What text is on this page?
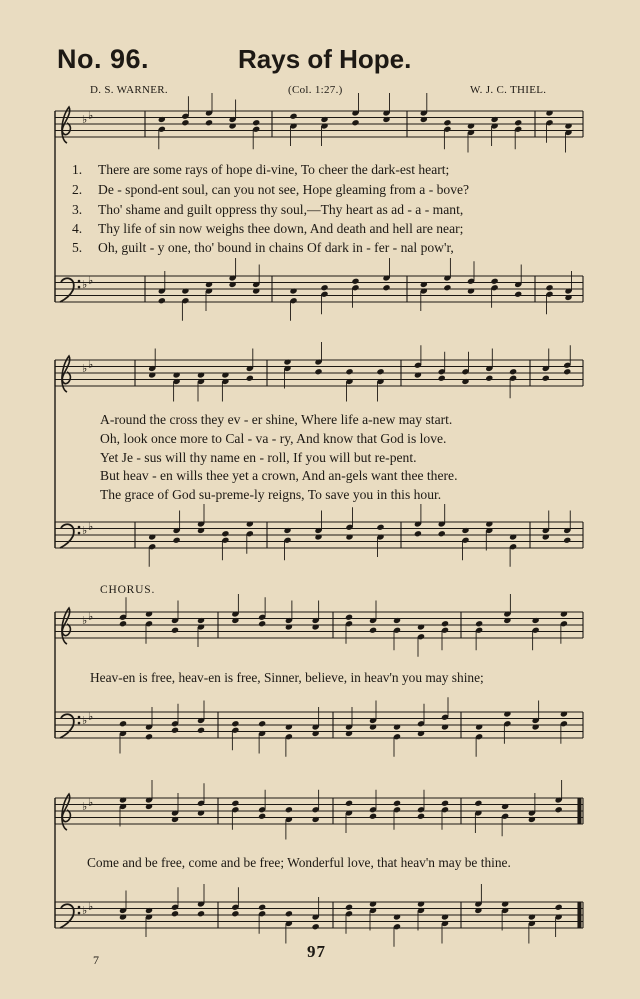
♭ ♭
♭ ♭
♭ ♭
♭ ♭
♭ ♭
♭ ♭
♭ ♭
♭ ♭
No. 96.	Rays of Hope.
D. S. WARNER.	(Col. 1:27.)	W. J. C. THIEL.
1. There are some rays of hope di-vine, To cheer the dark-est heart;
2. De - spond-ent soul, can you not see, Hope gleaming from a - bove?
3. Tho' shame and guilt oppress thy soul,—Thy heart as ad - a - mant,
4. Thy life of sin now weighs thee down, And death and hell are near;
5. Oh, guilt - y one, tho' bound in chains Of dark in - fer - nal pow'r,
A-round the cross they ev - er shine, Where life a-new may start.
Oh, look once more to Cal - va - ry, And know that God is love.
Yet Je - sus will thy name en - roll, If you will but re-pent.
But heav - en wills thee yet a crown, And an-gels want thee there.
The grace of God su-preme-ly reigns, To save you in this hour.
CHORUS.
Heav-en is free, heav-en is free, Sinner, believe, in heav'n you may shine;
Come and be free, come and be free; Wonderful love, that heav'n may be thine.
7	97
